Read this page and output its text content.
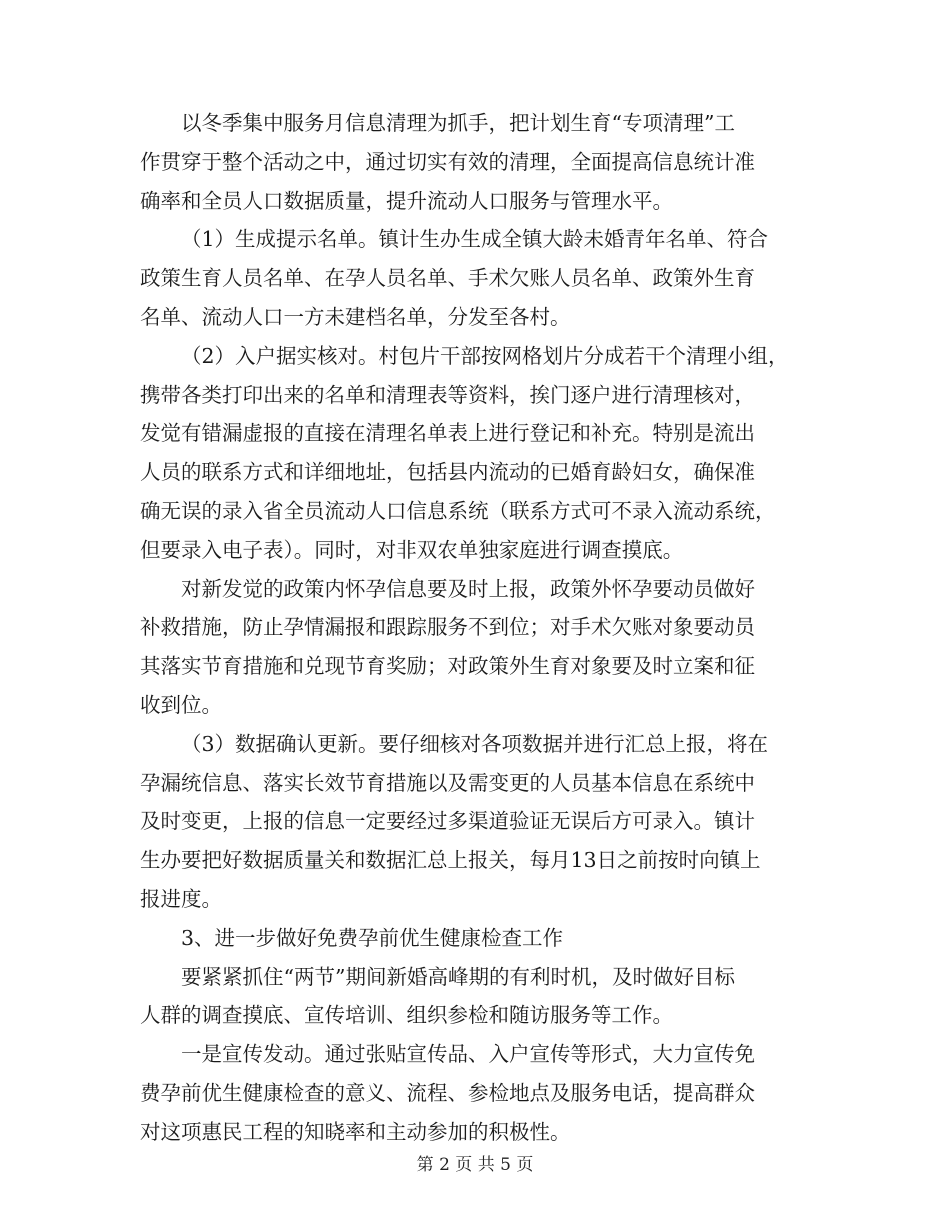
以冬季集中服务月信息清理为抓手，把计划生育“专项清理”工
作贯穿于整个活动之中，通过切实有效的清理，全面提高信息统计准
确率和全员人口数据质量，提升流动人口服务与管理水平。

（1）生成提示名单。镇计生办生成全镇大龄未婚青年名单、符合
政策生育人员名单、在孕人员名单、手术欠账人员名单、政策外生育
名单、流动人口一方未建档名单，分发至各村。

（2）入户据实核对。村包片干部按网格划片分成若干个清理小组，
携带各类打印出来的名单和清理表等资料，挨门逐户进行清理核对，
发觉有错漏虚报的直接在清理名单表上进行登记和补充。特别是流出
人员的联系方式和详细地址，包括县内流动的已婚育龄妇女，确保准
确无误的录入省全员流动人口信息系统（联系方式可不录入流动系统，
但要录入电子表）。同时，对非双农单独家庭进行调查摸底。

对新发觉的政策内怀孕信息要及时上报，政策外怀孕要动员做好
补救措施，防止孕情漏报和跟踪服务不到位；对手术欠账对象要动员
其落实节育措施和兑现节育奖励；对政策外生育对象要及时立案和征
收到位。

（3）数据确认更新。要仔细核对各项数据并进行汇总上报，将在
孕漏统信息、落实长效节育措施以及需变更的人员基本信息在系统中
及时变更，上报的信息一定要经过多渠道验证无误后方可录入。镇计
生办要把好数据质量关和数据汇总上报关，每月13日之前按时向镇上
报进度。

3、进一步做好免费孕前优生健康检查工作

要紧紧抓住“两节”期间新婚高峰期的有利时机，及时做好目标
人群的调查摸底、宣传培训、组织参检和随访服务等工作。

一是宣传发动。通过张贴宣传品、入户宣传等形式，大力宣传免
费孕前优生健康检查的意义、流程、参检地点及服务电话，提高群众
对这项惠民工程的知晓率和主动参加的积极性。

第 2 页 共 5 页
